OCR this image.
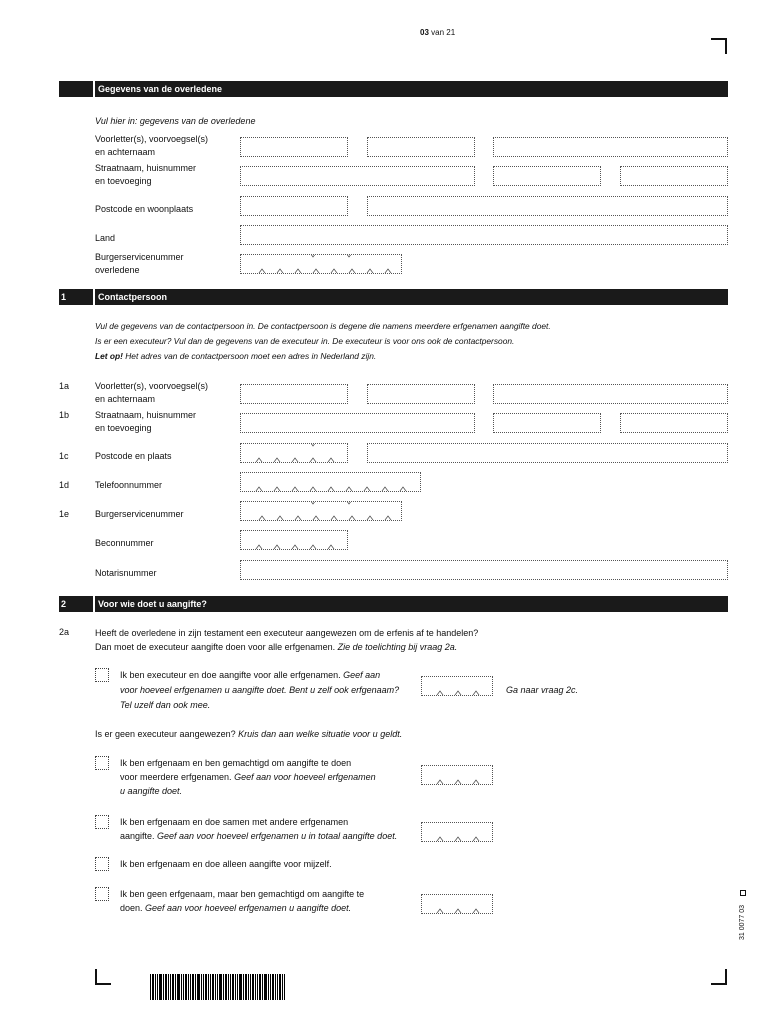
03 van 21
Gegevens van de overledene
Vul hier in: gegevens van de overledene
Voorletter(s), voorvoegsel(s)
en achternaam
Straatnaam, huisnummer
en toevoeging
Postcode en woonplaats
Land
Burgerservicenummer
overledene
1	Contactpersoon
Vul de gegevens van de contactpersoon in. De contactpersoon is degene die namens meerdere erfgenamen aangifte doet.
Is er een executeur? Vul dan de gegevens van de executeur in. De executeur is voor ons ook de contactpersoon.
Let op! Het adres van de contactpersoon moet een adres in Nederland zijn.
1a	Voorletter(s), voorvoegsel(s)
en achternaam
1b	Straatnaam, huisnummer
en toevoeging
1c	Postcode en plaats
1d	Telefoonnummer
1e	Burgerservicenummer
Beconnummer
Notarisnummer
2	Voor wie doet u aangifte?
2a	Heeft de overledene in zijn testament een executeur aangewezen om de erfenis af te handelen?
Dan moet de executeur aangifte doen voor alle erfgenamen. Zie de toelichting bij vraag 2a.
Ik ben executeur en doe aangifte voor alle erfgenamen. Geef aan
voor hoeveel erfgenamen u aangifte doet. Bent u zelf ook erfgenaam?
Tel uzelf dan ook mee.
Ga naar vraag 2c.
Is er geen executeur aangewezen? Kruis dan aan welke situatie voor u geldt.
Ik ben erfgenaam en ben gemachtigd om aangifte te doen
voor meerdere erfgenamen. Geef aan voor hoeveel erfgenamen
u aangifte doet.
Ik ben erfgenaam en doe samen met andere erfgenamen
aangifte. Geef aan voor hoeveel erfgenamen u in totaal aangifte doet.
Ik ben erfgenaam en doe alleen aangifte voor mijzelf.
Ik ben geen erfgenaam, maar ben gemachtigd om aangifte te
doen. Geef aan voor hoeveel erfgenamen u aangifte doet.	31 0077 03
